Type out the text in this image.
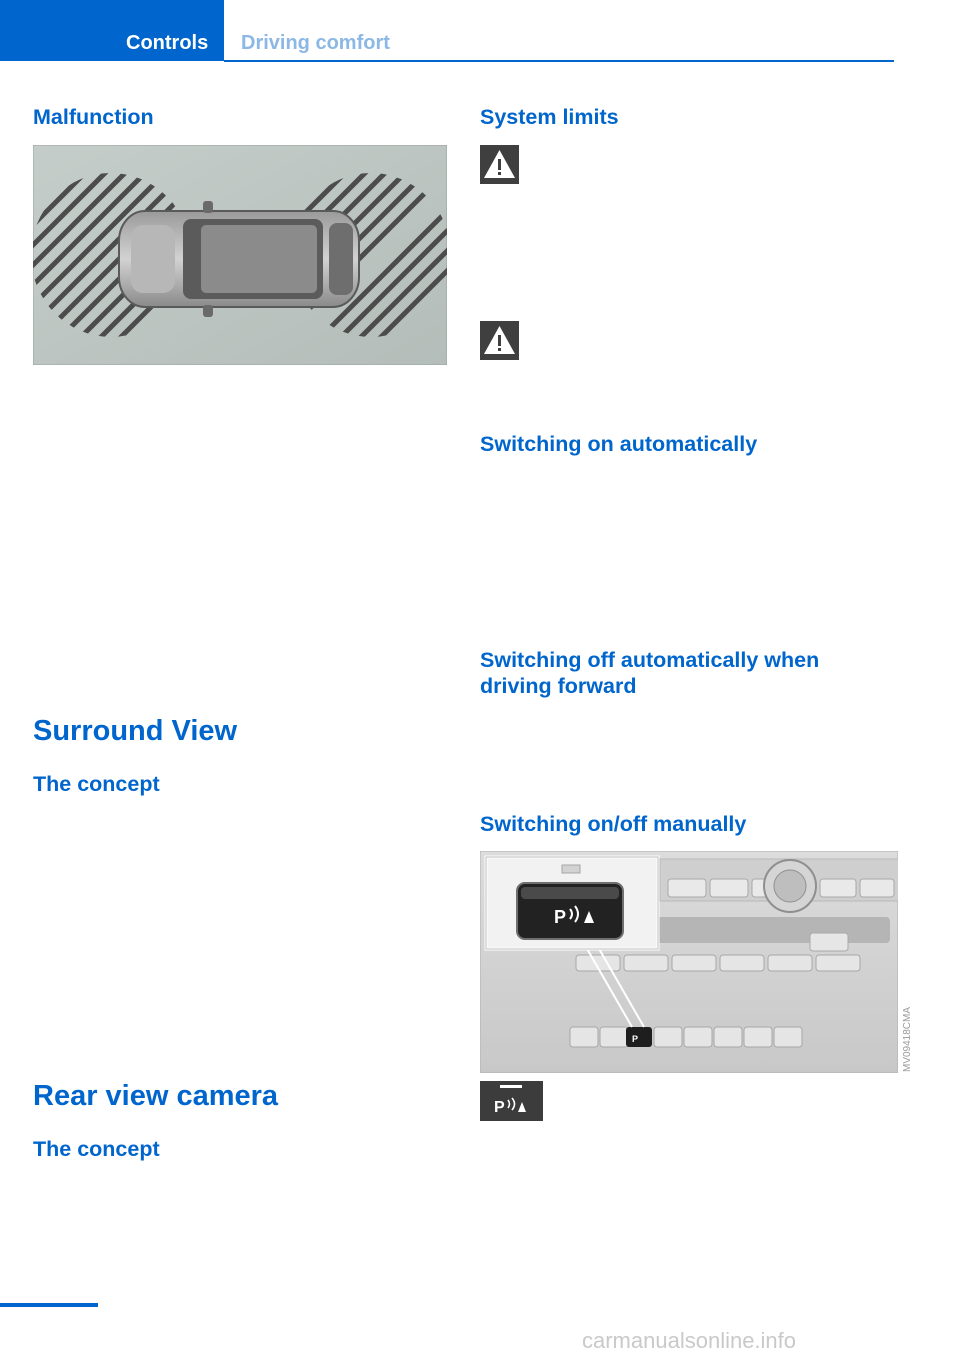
Controls Driving comfort
Malfunction
Surround View
The concept
Rear view camera
The concept
System limits
Switching on automatically
Switching off automatically when driving forward
Switching on/off manually
P
P
MV09418CMA
P
carmanualsonline.info
